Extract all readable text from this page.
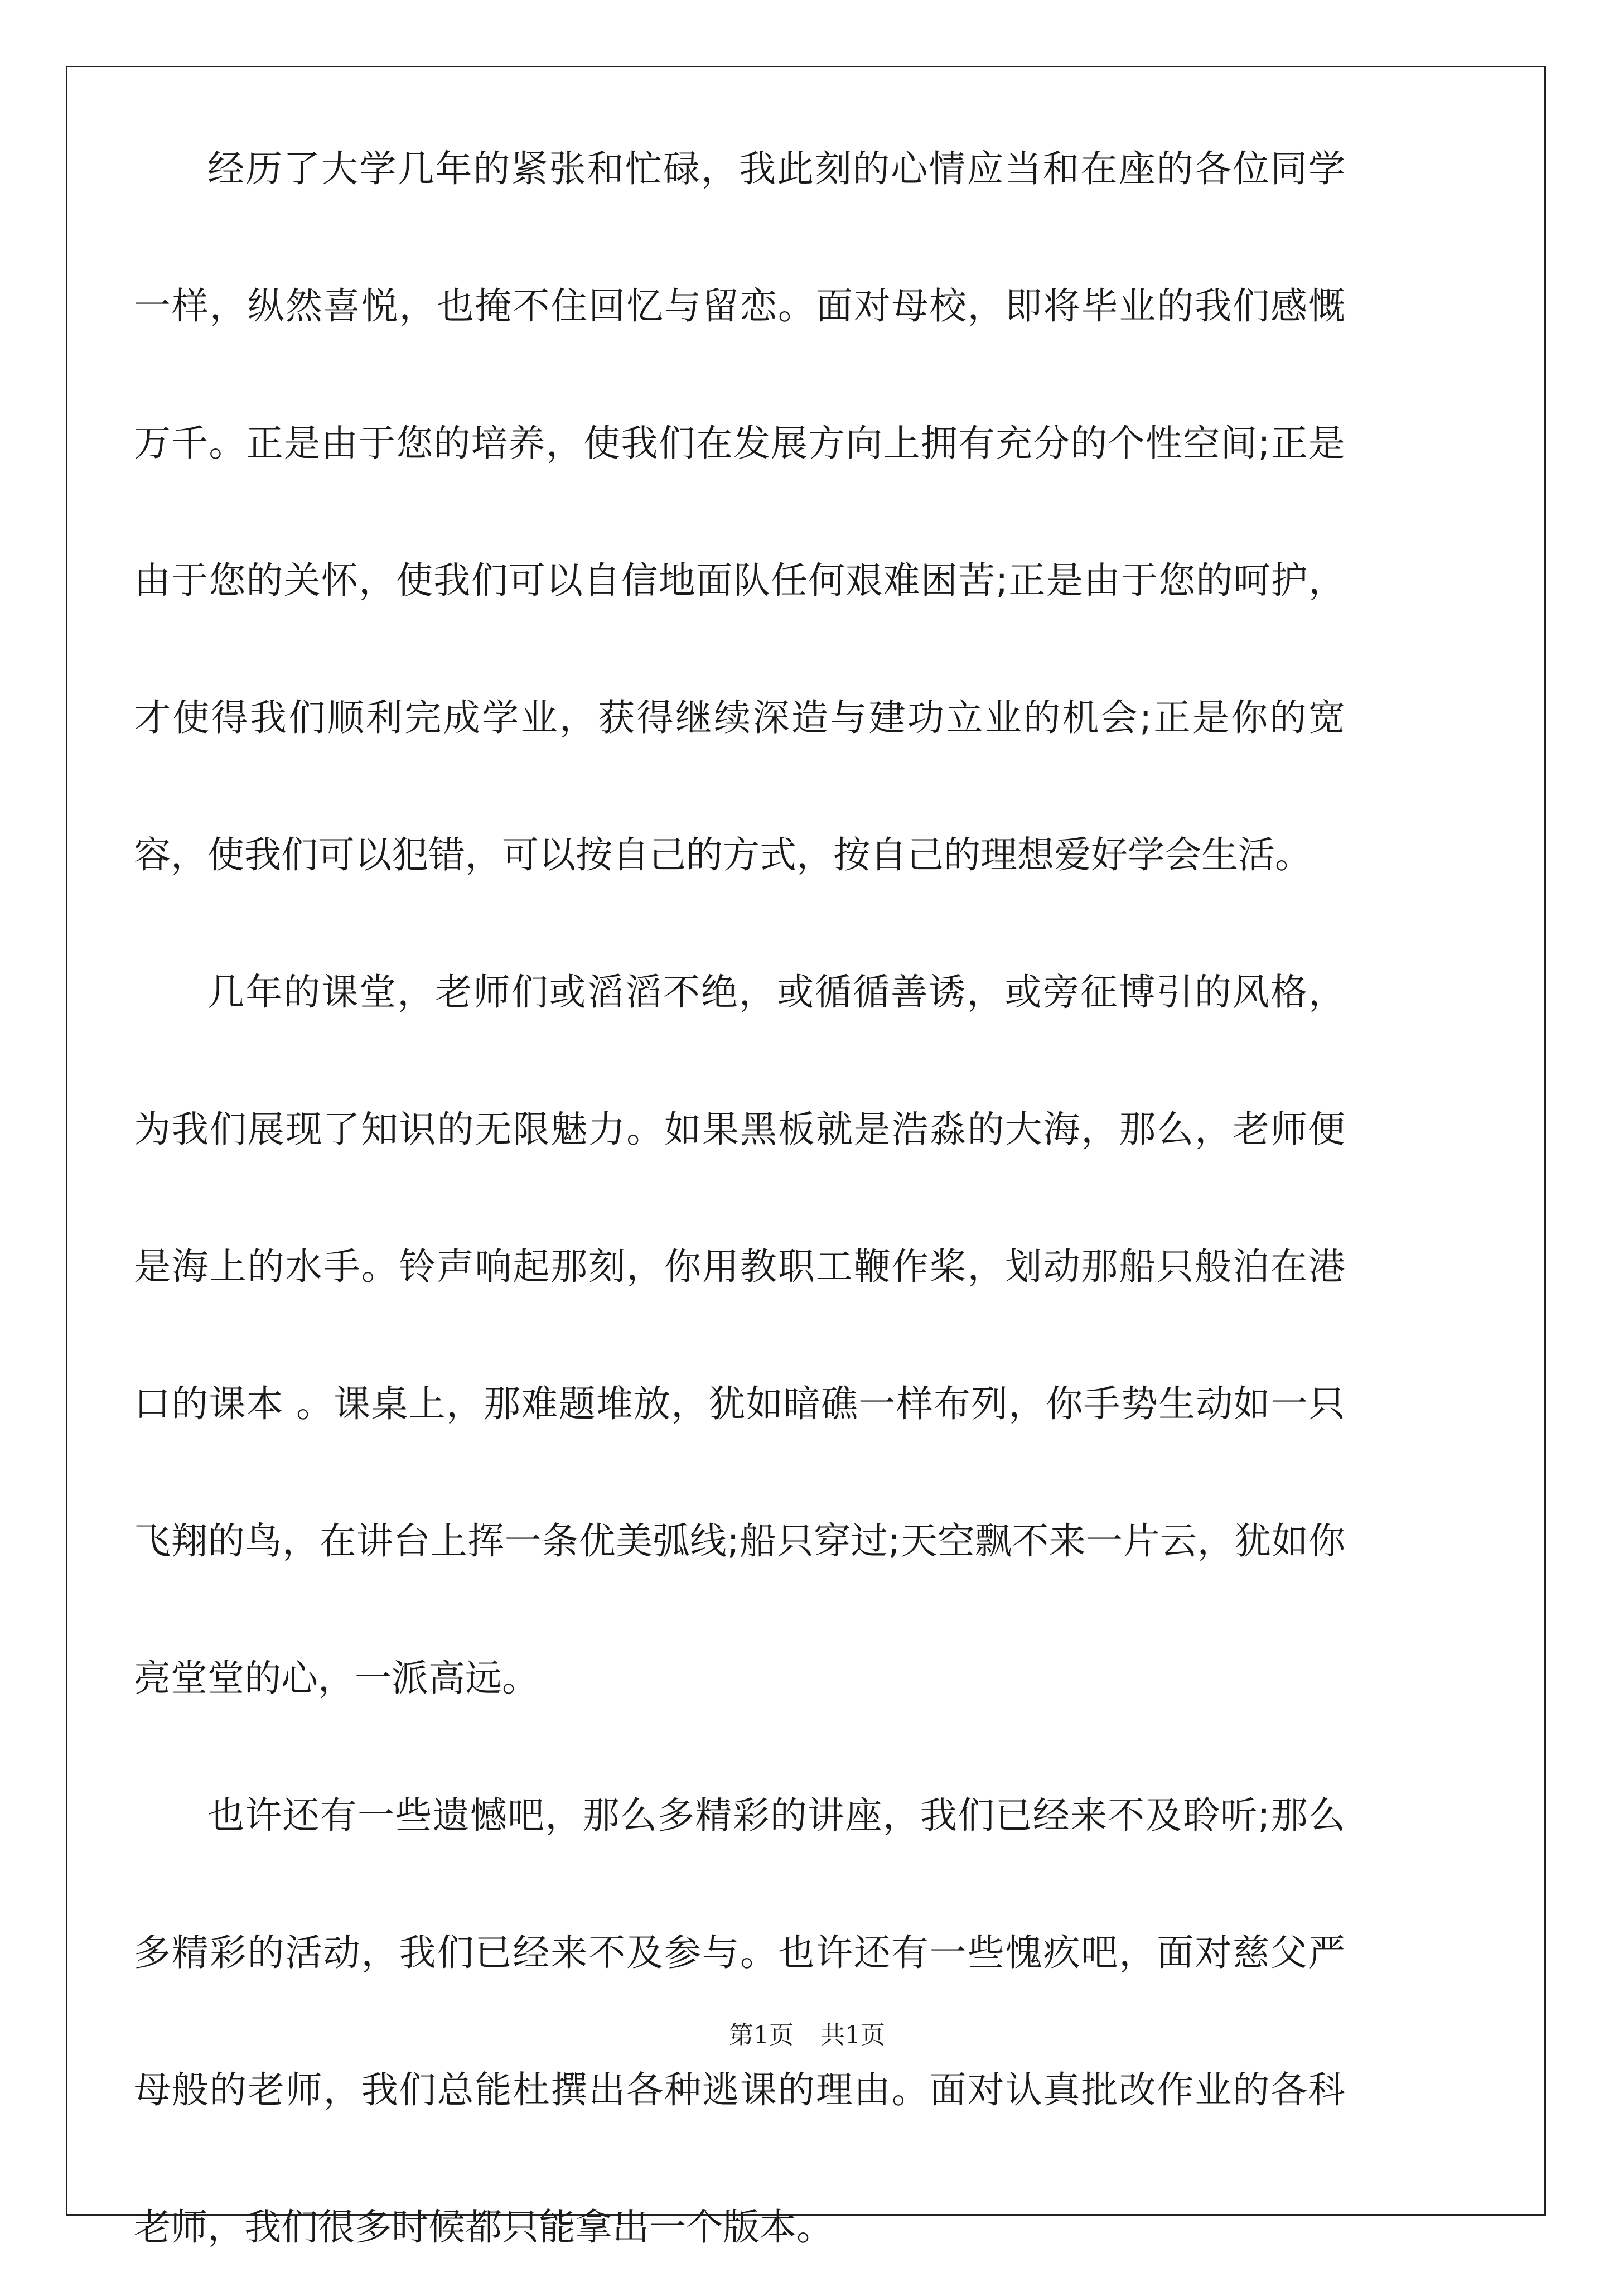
经历了大学几年的紧张和忙碌，我此刻的心情应当和在座的各位同学一样，纵然喜悦，也掩不住回忆与留恋。面对母校，即将毕业的我们感慨万千。正是由于您的培养，使我们在发展方向上拥有充分的个性空间;正是由于您的关怀，使我们可以自信地面队任何艰难困苦;正是由于您的呵护，才使得我们顺利完成学业，获得继续深造与建功立业的机会;正是你的宽容，使我们可以犯错，可以按自己的方式，按自己的理想爱好学会生活。

几年的课堂，老师们或滔滔不绝，或循循善诱，或旁征博引的风格，为我们展现了知识的无限魅力。如果黑板就是浩淼的大海，那么，老师便是海上的水手。铃声响起那刻，你用教职工鞭作桨，划动那船只般泊在港口的课本 。课桌上，那难题堆放，犹如暗礁一样布列，你手势生动如一只飞翔的鸟，在讲台上挥一条优美弧线;船只穿过;天空飘不来一片云，犹如你亮堂堂的心，一派高远。

也许还有一些遗憾吧，那么多精彩的讲座，我们已经来不及聆听;那么多精彩的活动，我们已经来不及参与。也许还有一些愧疚吧，面对慈父严母般的老师，我们总能杜撰出各种逃课的理由。面对认真批改作业的各科老师，我们很多时候都只能拿出一个版本。

第1页 共1页
